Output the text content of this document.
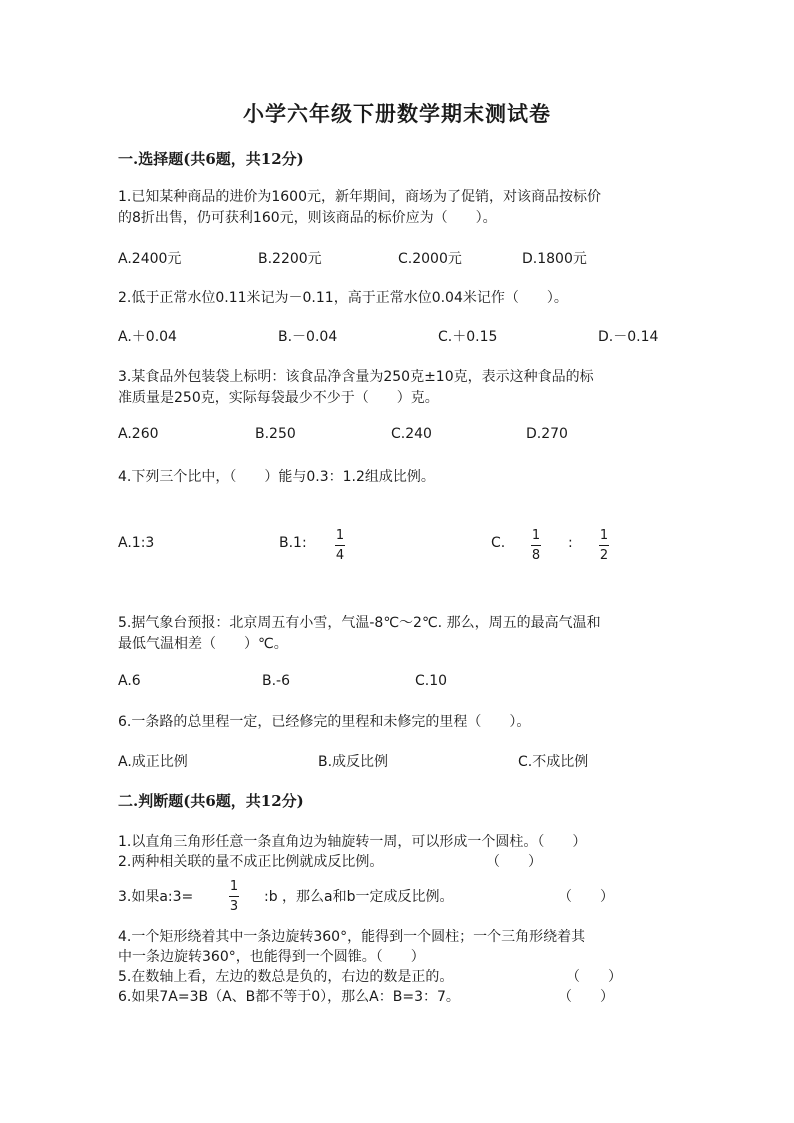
小学六年级下册数学期末测试卷
一.选择题(共6题，共12分)
1.已知某种商品的进价为1600元，新年期间，商场为了促销，对该商品按标价
的8折出售，仍可获利160元，则该商品的标价应为（　　）。
A.2400元	B.2200元	C.2000元	D.1800元
2.低于正常水位0.11米记为－0.11，高于正常水位0.04米记作（　　）。
A.＋0.04	B.－0.04	C.＋0.15	D.－0.14
3.某食品外包装袋上标明：该食品净含量为250克±10克，表示这种食品的标
准质量是250克，实际每袋最少不少于（　　）克。
A.260	B.250	C.240	D.270
4.下列三个比中，（　　）能与0.3：1.2组成比例。
A.1:3	B.1: 1
4
C. 1
8
: 1
2
5.据气象台预报：北京周五有小雪，气温-8℃～2℃. 那么，周五的最高气温和
最低气温相差（　　）℃。
A.6	B.-6	C.10
6.一条路的总里程一定，已经修完的里程和未修完的里程（　　）。
A.成正比例	B.成反比例	C.不成比例
二.判断题(共6题，共12分)
1.以直角三角形任意一条直角边为轴旋转一周，可以形成一个圆柱。（　　）
2.两种相关联的量不成正比例就成反比例。	（　　）
3.如果a:3=
1
3
:b ，那么a和b一定成反比例。	（　　）
4.一个矩形绕着其中一条边旋转360°，能得到一个圆柱；一个三角形绕着其
中一条边旋转360°，也能得到一个圆锥。（　　）
5.在数轴上看，左边的数总是负的，右边的数是正的。	（　　）
6.如果7A=3B（A、B都不等于0），那么A：B=3：7。	（　　）
